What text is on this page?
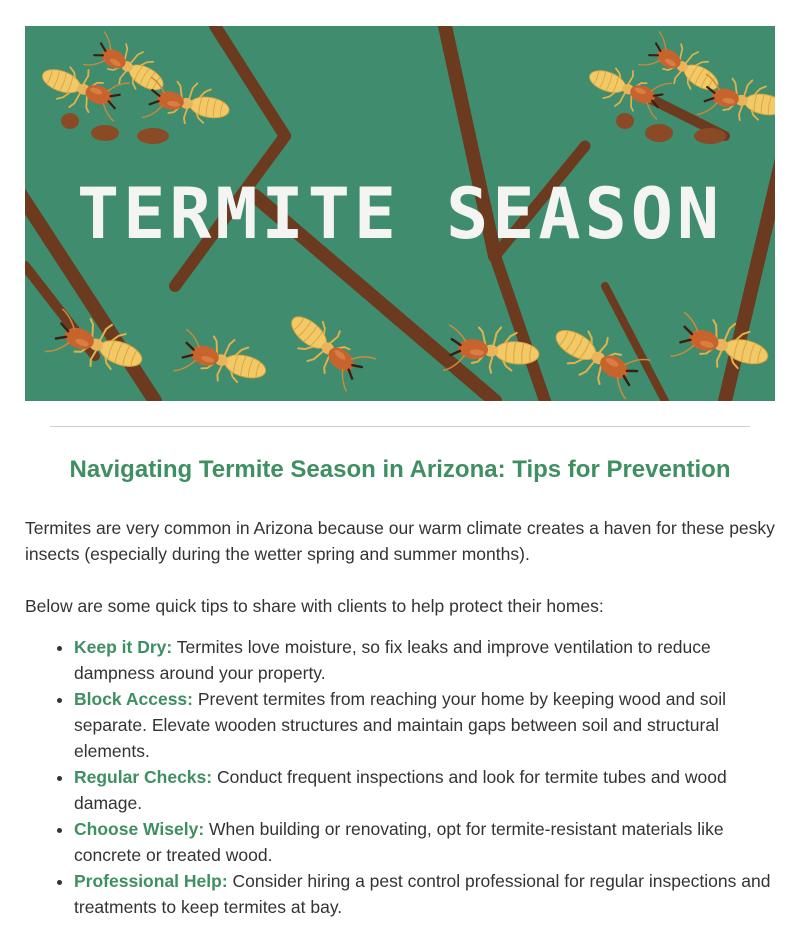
TERMITE SEASON
Navigating Termite Season in Arizona: Tips for Prevention

Termites are very common in Arizona because our warm climate creates a haven for these pesky insects (especially during the wetter spring and summer months).

Below are some quick tips to share with clients to help protect their homes:

• Keep it Dry: Termites love moisture, so fix leaks and improve ventilation to reduce dampness around your property.
• Block Access: Prevent termites from reaching your home by keeping wood and soil separate. Elevate wooden structures and maintain gaps between soil and structural elements.
• Regular Checks: Conduct frequent inspections and look for termite tubes and wood damage.
• Choose Wisely: When building or renovating, opt for termite-resistant materials like concrete or treated wood.
• Professional Help: Consider hiring a pest control professional for regular inspections and treatments to keep termites at bay.
